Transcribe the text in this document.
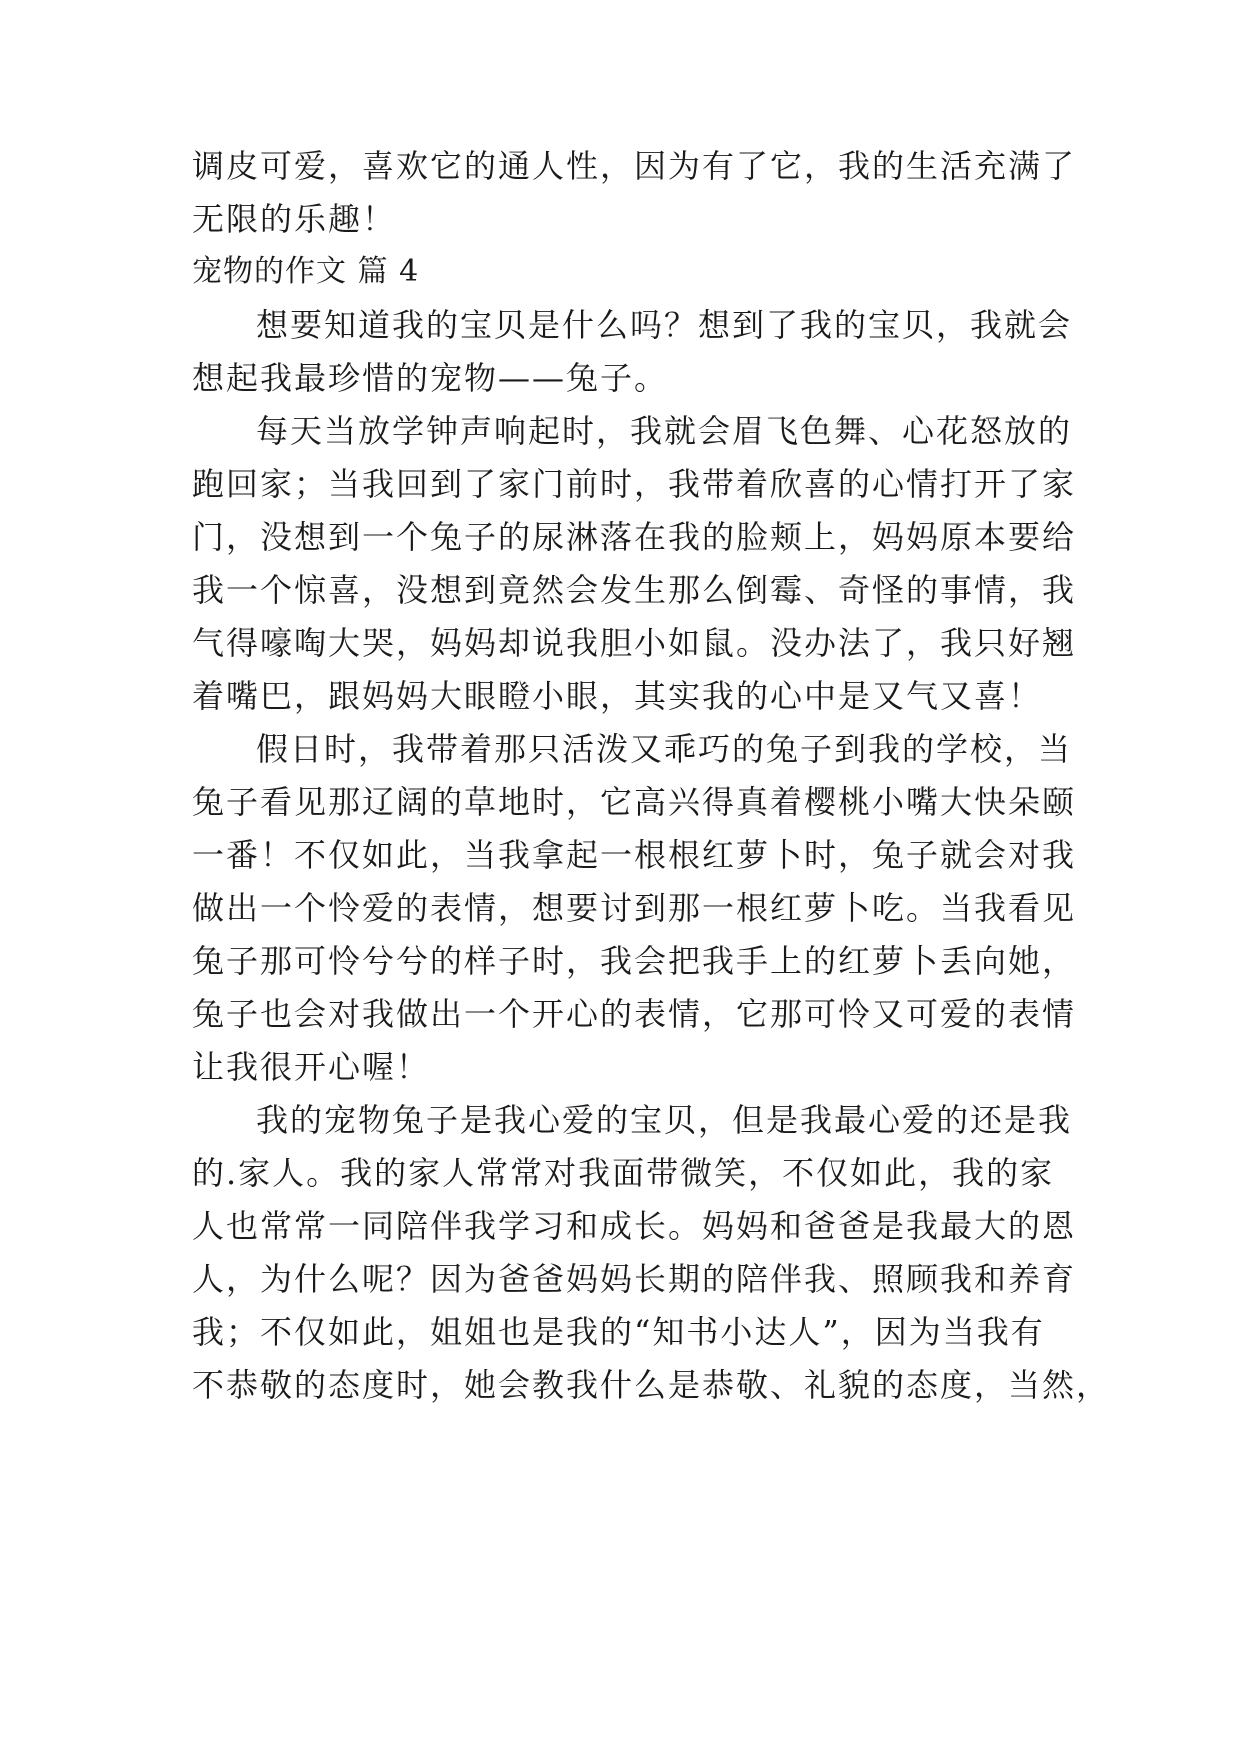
调皮可爱，喜欢它的通人性，因为有了它，我的生活充满了

无限的乐趣！

宠物的作文 篇 4

想要知道我的宝贝是什么吗？想到了我的宝贝，我就会

想起我最珍惜的宠物——兔子。

每天当放学钟声响起时，我就会眉飞色舞、心花怒放的

跑回家；当我回到了家门前时，我带着欣喜的心情打开了家

门，没想到一个兔子的尿淋落在我的脸颊上，妈妈原本要给

我一个惊喜，没想到竟然会发生那么倒霉、奇怪的事情，我

气得嚎啕大哭，妈妈却说我胆小如鼠。没办法了，我只好翘

着嘴巴，跟妈妈大眼瞪小眼，其实我的心中是又气又喜！

假日时，我带着那只活泼又乖巧的兔子到我的学校，当

兔子看见那辽阔的草地时，它高兴得真着樱桃小嘴大快朵颐

一番！不仅如此，当我拿起一根根红萝卜时，兔子就会对我

做出一个怜爱的表情，想要讨到那一根红萝卜吃。当我看见

兔子那可怜兮兮的样子时，我会把我手上的红萝卜丢向她，

兔子也会对我做出一个开心的表情，它那可怜又可爱的表情

让我很开心喔！

我的宠物兔子是我心爱的宝贝，但是我最心爱的还是我

的.家人。我的家人常常对我面带微笑，不仅如此，我的家

人也常常一同陪伴我学习和成长。妈妈和爸爸是我最大的恩

人，为什么呢？因为爸爸妈妈长期的陪伴我、照顾我和养育

我；不仅如此，姐姐也是我的“知书小达人”，因为当我有

不恭敬的态度时，她会教我什么是恭敬、礼貌的态度，当然，
